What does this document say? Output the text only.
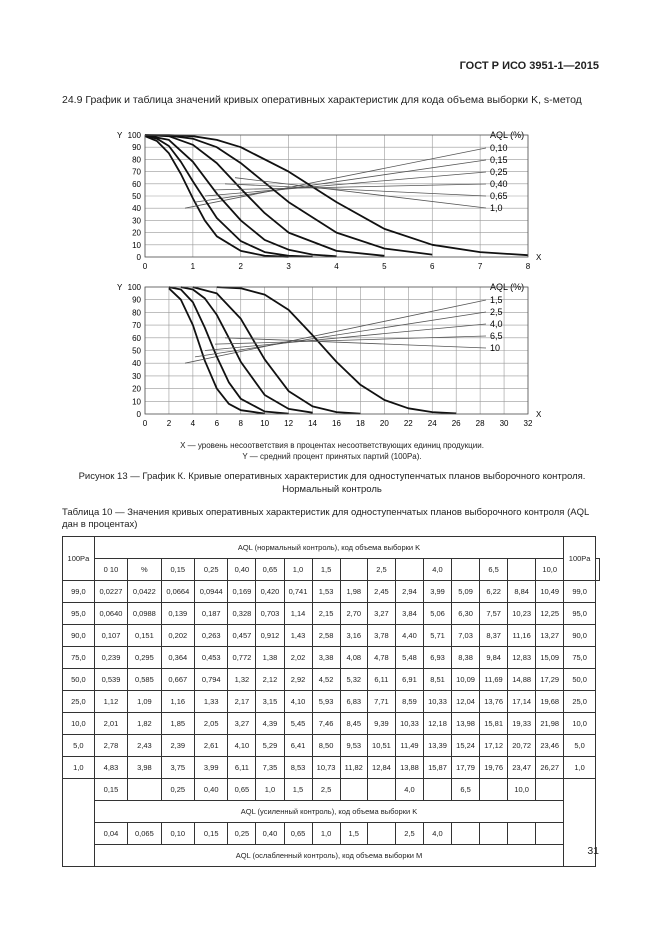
ГОСТ Р ИСО 3951-1—2015
24.9 График и таблица значений кривых оперативных характеристик для кода объема выборки K, s-метод
0	1	2	3	4	5	6	7	8
0
10
20
30
40
50
60
70
80
90
100
Y
X
AQL (%)
0,10
0,15
0,25
0,40
0,65
1,0
0 2 4 6 8 10 12 14 16 18 20 22 24 26 28 30 32
0
10
20
30
40
50
60
70
80
90
100
Y
X
AQL (%)
1,5
2,5
4,0
6,5
10
X — уровень несоответствия в процентах несоответствующих единиц продукции.
Y — средний процент принятых партий (100Pa).
Рисунок 13 — График К. Кривые оперативных характеристик для одноступенчатых планов выборочного контроля. Нормальный контроль
Таблица 10 — Значения кривых оперативных характеристик для одноступенчатых планов выборочного контроля (AQL дан в процентах)
100Pa	AQL (нормальный контроль), код объема выборки K																100Pa	
	0 10	%	0,15	0,25	0,40	0,65	1,0	1,5		2,5		4,0		6,5		10,0		
99,0	0,0227	0,0422	0,0664	0,0944	0,169	0,420	0,741	1,53	1,98	2,45	2,94	3,99	5,09	6,22	8,84	10,49	99,0	
95,0	0,0640	0,0988	0,139	0,187	0,328	0,703	1,14	2,15	2,70	3,27	3,84	5,06	6,30	7,57	10,23	12,25	95,0	
90,0	0,107	0,151	0,202	0,263	0,457	0,912	1,43	2,58	3,16	3,78	4,40	5,71	7,03	8,37	11,16	13,27	90,0	
75,0	0,239	0,295	0,364	0,453	0,772	1,38	2,02	3,38	4,08	4,78	5,48	6,93	8,38	9,84	12,83	15,09	75,0	
50,0	0,539	0,585	0,667	0,794	1,32	2,12	2,92	4,52	5,32	6,11	6,91	8,51	10,09	11,69	14,88	17,29	50,0	
25,0	1,12	1,09	1,16	1,33	2,17	3,15	4,10	5,93	6,83	7,71	8,59	10,33	12,04	13,76	17,14	19,68	25,0	
10,0	2,01	1,82	1,85	2,05	3,27	4,39	5,45	7,46	8,45	9,39	10,33	12,18	13,98	15,81	19,33	21,98	10,0	
5,0	2,78	2,43	2,39	2,61	4,10	5,29	6,41	8,50	9,53	10,51	11,49	13,39	15,24	17,12	20,72	23,46	5,0	
1,0	4,83	3,98	3,75	3,99	6,11	7,35	8,53	10,73	11,82	12,84	13,88	15,87	17,79	19,76	23,47	26,27	1,0	
	0,15		0,25	0,40	0,65	1,0	1,5	2,5			4,0		6,5		10,0			
	AQL (усиленный контроль), код объема выборки K																	
	0,04	0,065	0,10	0,15	0,25	0,40	0,65	1,0	1,5		2,5	4,0						
	AQL (ослабленный контроль), код объема выборки M																		31
